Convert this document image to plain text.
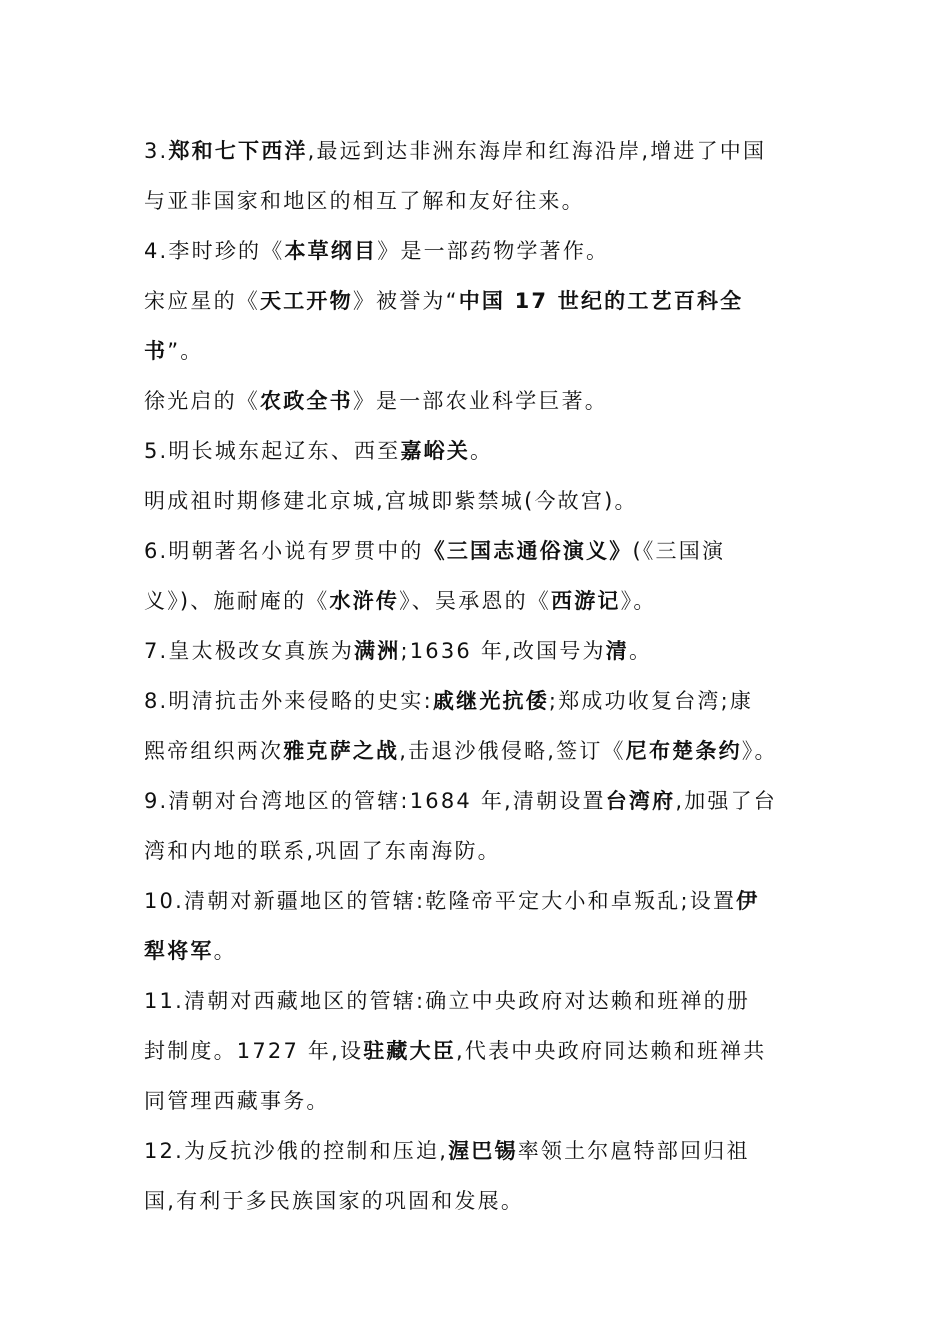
3.郑和七下西洋,最远到达非洲东海岸和红海沿岸,增进了中国
与亚非国家和地区的相互了解和友好往来。
4.李时珍的《本草纲目》是一部药物学著作。
宋应星的《天工开物》被誉为“中国 17 世纪的工艺百科全
书”。
徐光启的《农政全书》是一部农业科学巨著。
5.明长城东起辽东、西至嘉峪关。
明成祖时期修建北京城,宫城即紫禁城(今故宫)。
6.明朝著名小说有罗贯中的《三国志通俗演义》(《三国演
义》)、施耐庵的《水浒传》、吴承恩的《西游记》。
7.皇太极改女真族为满洲;1636 年,改国号为清。
8.明清抗击外来侵略的史实:戚继光抗倭;郑成功收复台湾;康
熙帝组织两次雅克萨之战,击退沙俄侵略,签订《尼布楚条约》。
9.清朝对台湾地区的管辖:1684 年,清朝设置台湾府,加强了台
湾和内地的联系,巩固了东南海防。
10.清朝对新疆地区的管辖:乾隆帝平定大小和卓叛乱;设置伊
犁将军。
11.清朝对西藏地区的管辖:确立中央政府对达赖和班禅的册
封制度。1727 年,设驻藏大臣,代表中央政府同达赖和班禅共
同管理西藏事务。
12.为反抗沙俄的控制和压迫,渥巴锡率领土尔扈特部回归祖
国,有利于多民族国家的巩固和发展。
